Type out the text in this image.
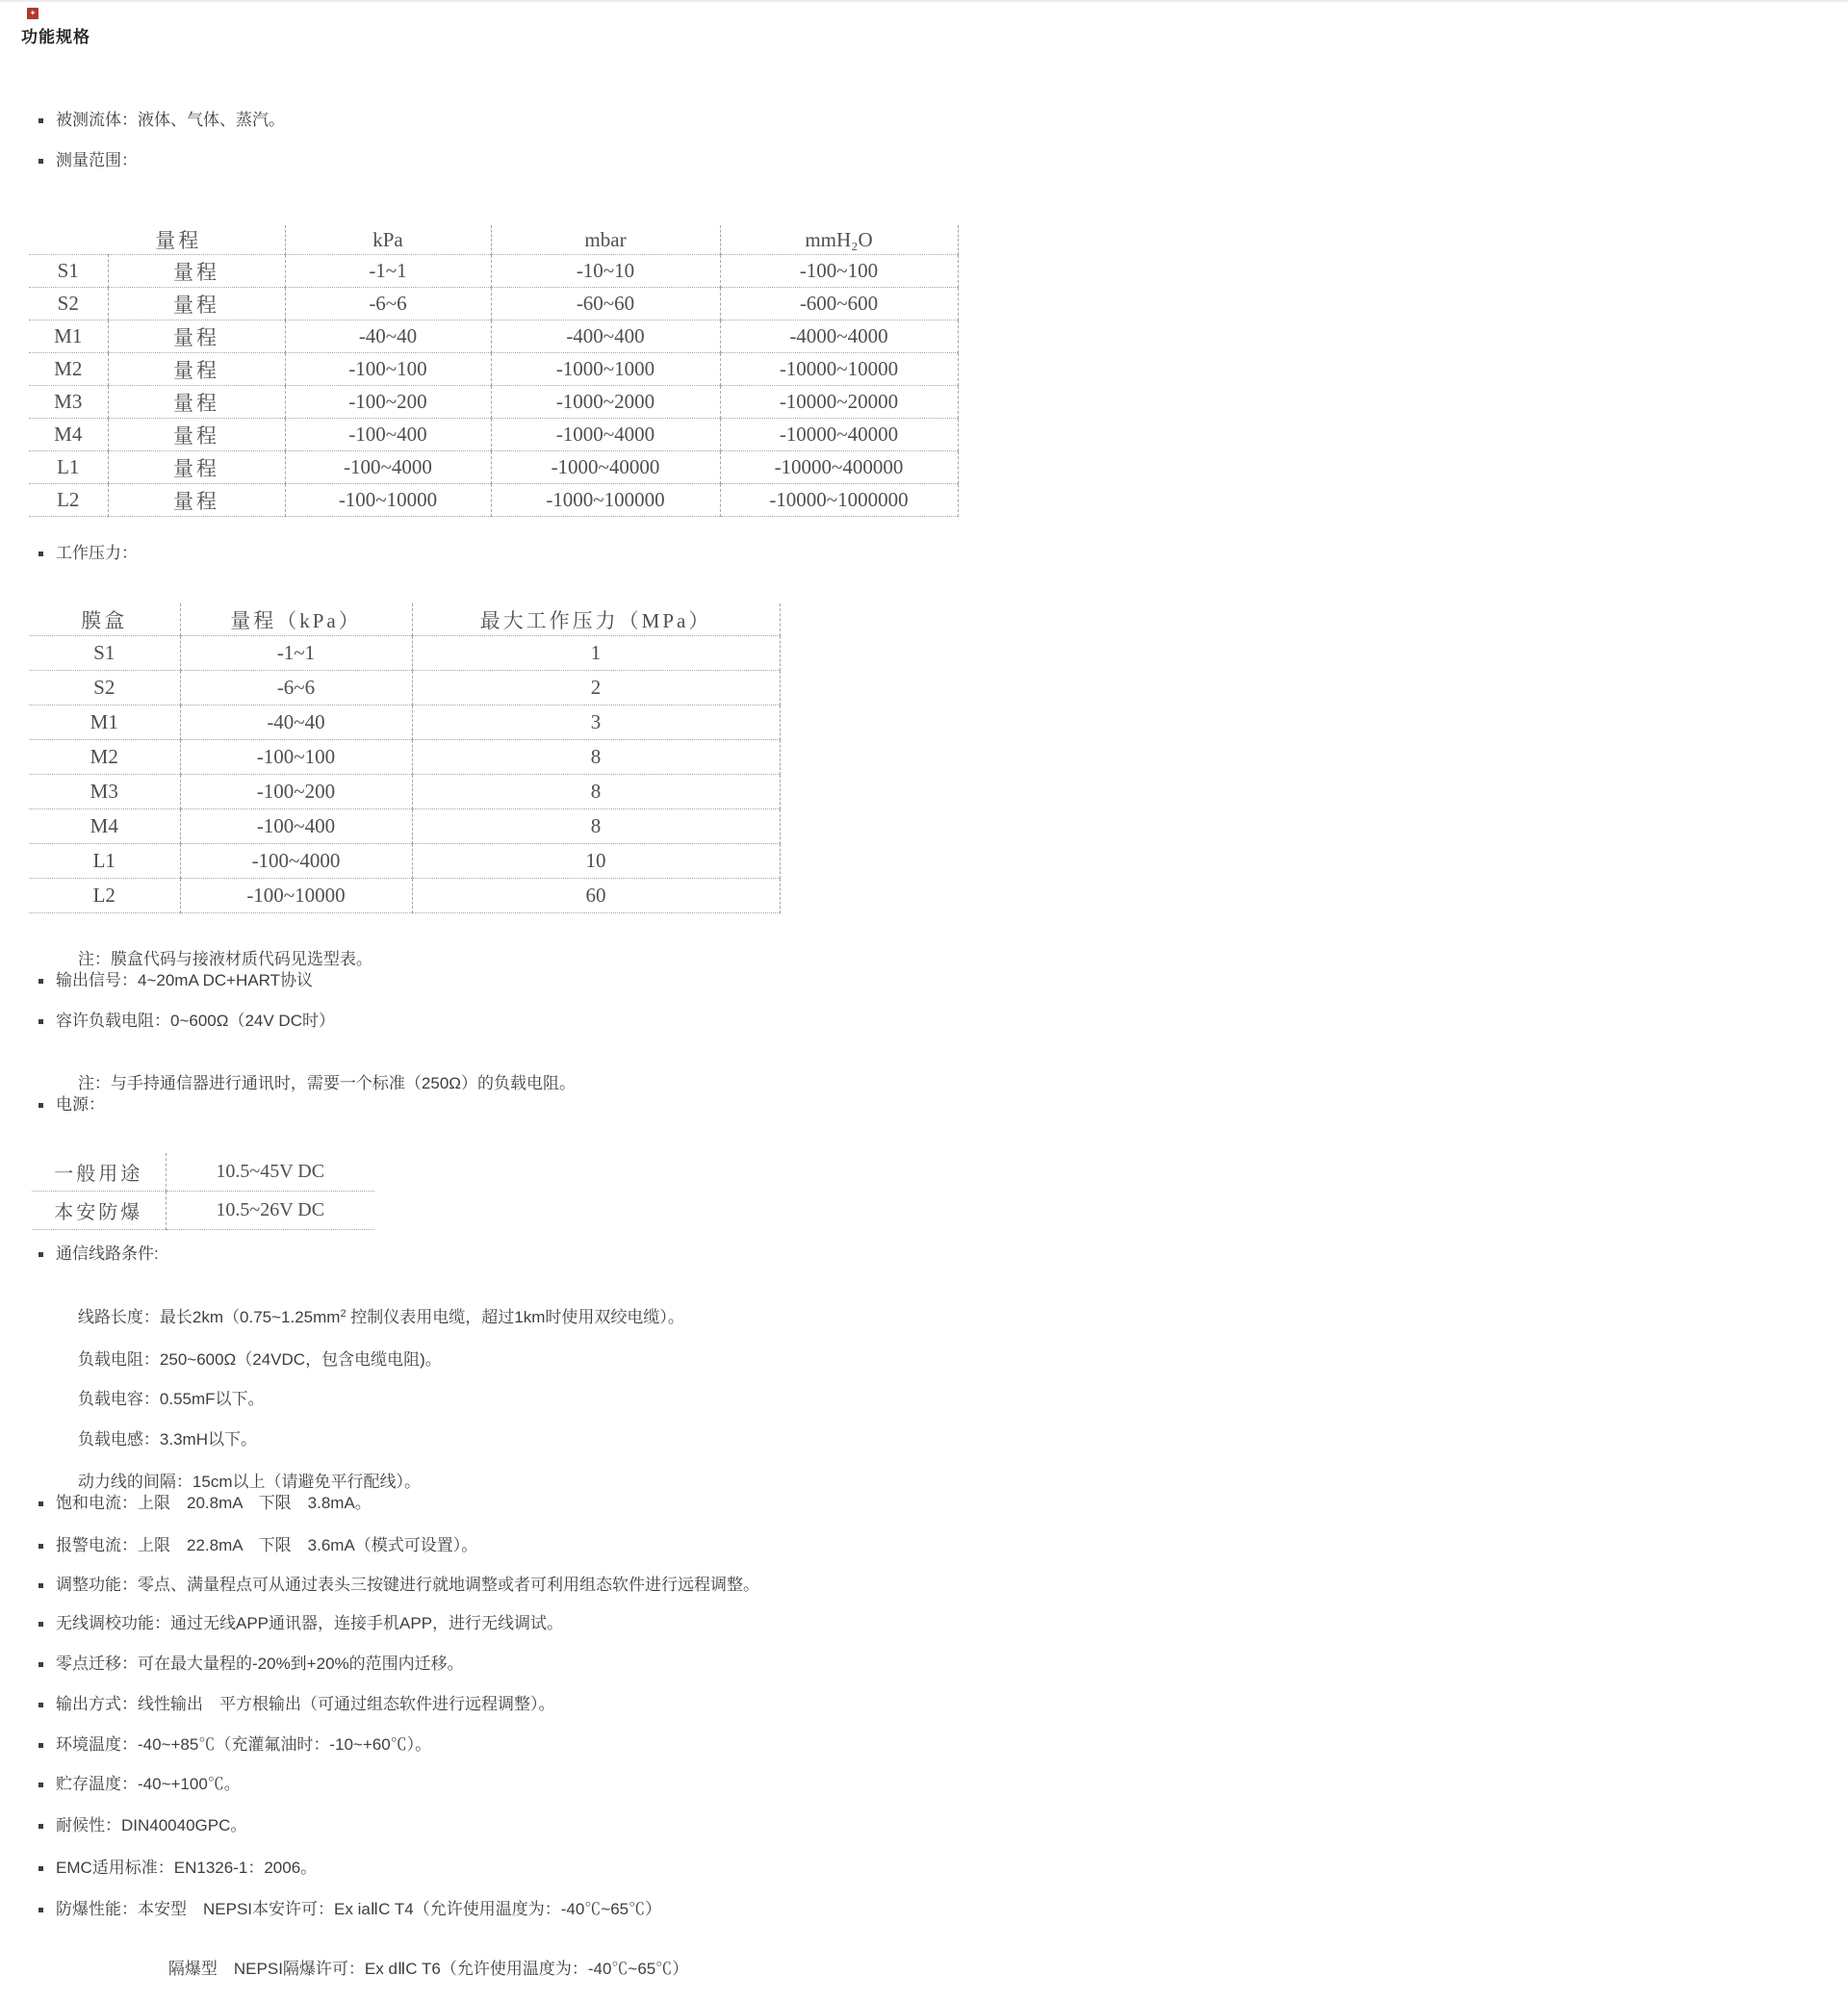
✦
功能规格
被测流体：液体、气体、蒸汽。
测量范围：
量程		kPa	mbar	mmH₂O
S1	量程	-1~1	-10~10	-100~100
S2	量程	-6~6	-60~60	-600~600
M1	量程	-40~40	-400~400	-4000~4000
M2	量程	-100~100	-1000~1000	-10000~10000
M3	量程	-100~200	-1000~2000	-10000~20000
M4	量程	-100~400	-1000~4000	-10000~40000
L1	量程	-100~4000	-1000~40000	-10000~400000
L2	量程	-100~10000	-1000~100000	-10000~1000000
工作压力：
膜盒	量程（kPa）	最大工作压力（MPa）
S1	-1~1	1
S2	-6~6	2
M1	-40~40	3
M2	-100~100	8
M3	-100~200	8
M4	-100~400	8
L1	-100~4000	10
L2	-100~10000	60

注：膜盒代码与接液材质代码见选型表。

输出信号：4~20mA DC+HART协议
容许负载电阻：0~600Ω（24V DC时）

注：与手持通信器进行通讯时，需要一个标准（250Ω）的负载电阻。

电源：
一般用途	10.5~45V DC
本安防爆	10.5~26V DC
通信线路条件:

线路长度：最长$2km(0.75\sim 1.25mm^2$ 控制仪表用电缆，超过1km时使用双绞电缆）。

负载电阻：250~600Ω（24VDC，包含电缆电阻)。

负载电容：0.55mF以下。

负载电感：3.3mH以下。

动力线的间隔：15cm以上（请避免平行配线）。

饱和电流：上限　20.8mA　下限　3.8mA。
报警电流：上限　22.8mA　下限　3.6mA（模式可设置）。
调整功能：零点、满量程点可从通过表头三按键进行就地调整或者可利用组态软件进行远程调整。
无线调校功能：通过无线APP通讯器，连接手机APP，进行无线调试。
零点迁移：可在最大量程的-20%到+20%的范围内迁移。
输出方式：线性输出　平方根输出（可通过组态软件进行远程调整）。
环境温度：-40~+85℃（充灌氟油时：-10~+60℃）。
贮存温度：-40~+100℃。
耐候性：DIN40040GPC。
EMC适用标准：EN1326-1：2006。
防爆性能：本安型　NEPSI本安许可：Ex iaⅡC T4（允许使用温度为：-40℃~65℃）

隔爆型　NEPSI隔爆许可：Ex dⅡC T6（允许使用温度为：-40℃~65℃）
